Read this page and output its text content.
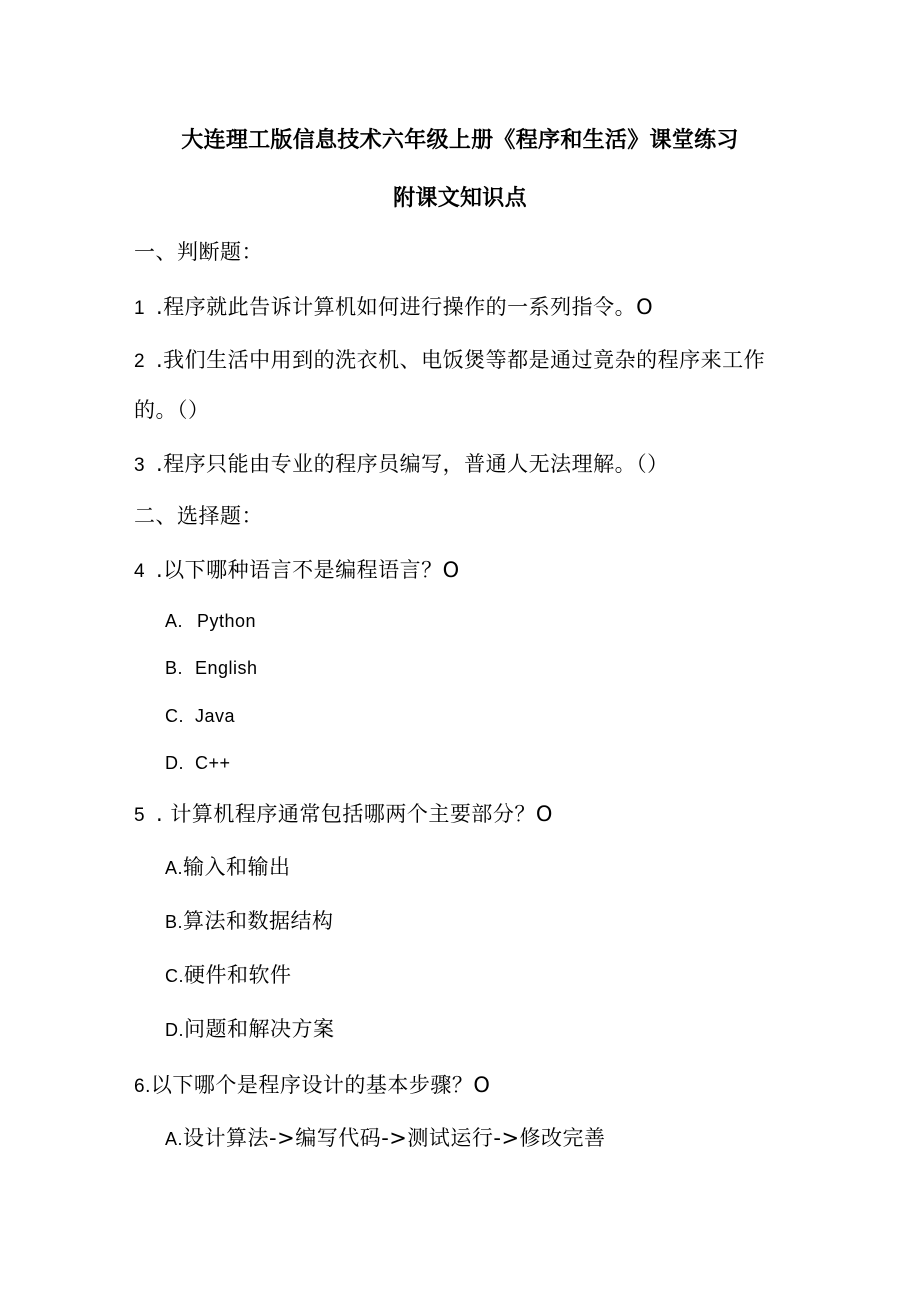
大连理工版信息技术六年级上册《程序和生活》课堂练习
附课文知识点
一、判断题：
1 .程序就此告诉计算机如何进行操作的一系列指令。O
2 .我们生活中用到的洗衣机、电饭煲等都是通过竟杂的程序来工作
的。（）
3 .程序只能由专业的程序员编写，普通人无法理解。（）
二、选择题：
4 .以下哪种语言不是编程语言？O
A. Python
B. English
C. Java
D. C++
5 . 计算机程序通常包括哪两个主要部分？O
A.输入和输出
B.算法和数据结构
C.硬件和软件
D.问题和解决方案
6.以下哪个是程序设计的基本步骤？O
A.设计算法->编写代码->测试运行->修改完善
